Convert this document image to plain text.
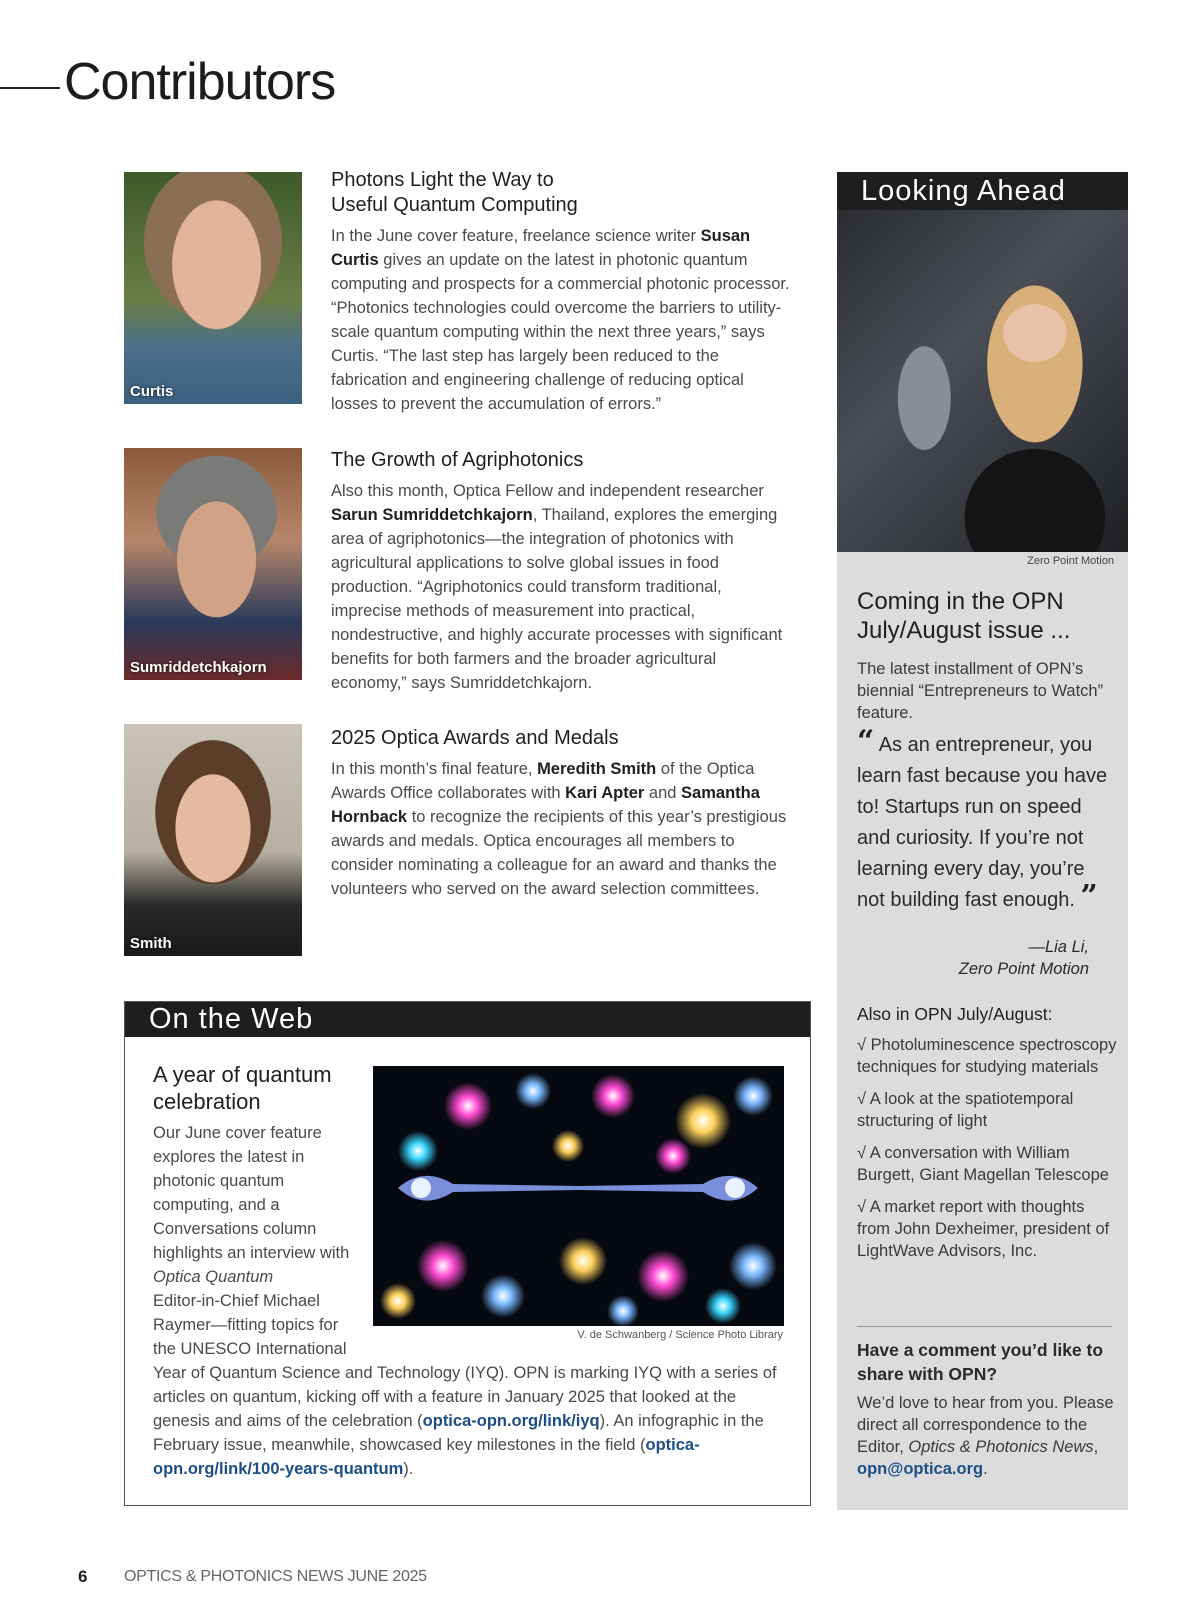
Contributors
Curtis
Photons Light the Way to
Useful Quantum Computing

In the June cover feature, freelance science writer Susan Curtis gives an update on the latest in photonic quantum computing and prospects for a commercial photonic processor. “Photonics technologies could overcome the barriers to utility-scale quantum computing within the next three years,” says Curtis. “The last step has largely been reduced to the fabrication and engineering challenge of reducing optical losses to prevent the accumulation of errors.”

Sumriddetchkajorn
The Growth of Agriphotonics

Also this month, Optica Fellow and independent researcher Sarun Sumriddetchkajorn, Thailand, explores the emerging area of agriphotonics—the integration of photonics with agricultural applications to solve global issues in food production. “Agriphotonics could transform traditional, imprecise methods of measurement into practical, nondestructive, and highly accurate processes with significant benefits for both farmers and the broader agricultural economy,” says Sumriddetchkajorn.

Smith
2025 Optica Awards and Medals

In this month’s final feature, Meredith Smith of the Optica Awards Office collaborates with Kari Apter and Samantha Hornback to recognize the recipients of this year’s prestigious awards and medals. Optica encourages all members to consider nominating a colleague for an award and thanks the volunteers who served on the award selection committees.

On the Web
A year of quantum celebration
V. de Schwanberg / Science Photo Library
Our June cover feature explores the latest in photonic quantum computing, and a Conversations column highlights an interview with Optica Quantum
Editor-in-Chief Michael Raymer—fitting topics for the UNESCO International
Year of Quantum Science and Technology (IYQ). OPN is marking IYQ with a series of articles on quantum, kicking off with a feature in January 2025 that looked at the genesis and aims of the celebration (optica-opn.org/link/iyq). An infographic in the February issue, meanwhile, showcased key milestones in the field (optica-opn.org/link/100-years-quantum).
Looking Ahead
Zero Point Motion
Coming in the OPN July/August issue ...
The latest installment of OPN’s biennial “Entrepreneurs to Watch” feature.
“ As an entrepreneur, you learn fast because you have to! Startups run on speed and curiosity. If you’re not learning every day, you’re not building fast enough. ”
—Lia Li,
Zero Point Motion
Also in OPN July/August:
√ Photoluminescence spectroscopy techniques for studying materials
√ A look at the spatiotemporal structuring of light
√ A conversation with William Burgett, Giant Magellan Telescope
√ A market report with thoughts from John Dexheimer, president of LightWave Advisors, Inc.
Have a comment you’d like to share with OPN?
We’d love to hear from you. Please direct all correspondence to the Editor, Optics & Photonics News, opn@optica.org.
6 OPTICS & PHOTONICS NEWS JUNE 2025
